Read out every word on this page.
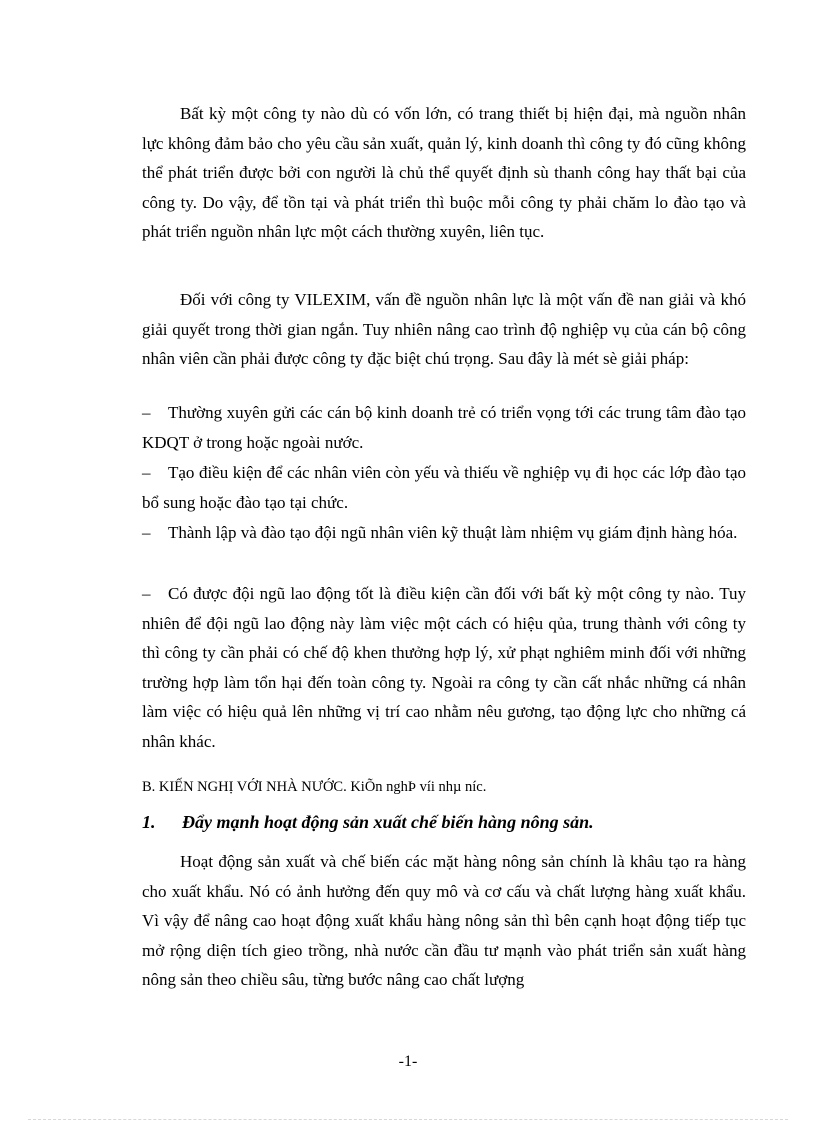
Bất kỳ một công ty nào dù có vốn lớn, có trang thiết bị hiện đại, mà nguồn nhân lực không đảm bảo cho yêu cầu sản xuất, quản lý, kinh doanh thì công ty đó cũng không thể phát triển được bởi con người là chủ thể quyết định sù thanh công hay thất bại của công ty. Do vậy, để tồn tại và phát triển thì buộc mỗi công ty phải chăm lo đào tạo và phát triển nguồn nhân lực một cách thường xuyên, liên tục.

Đối với công ty VILEXIM, vấn đề nguồn nhân lực là một vấn đề nan giải và khó giải quyết trong thời gian ngắn. Tuy nhiên nâng cao trình độ nghiệp vụ của cán bộ công nhân viên cần phải được công ty đặc biệt chú trọng. Sau đây là mét sè giải pháp:

– Thường xuyên gửi các cán bộ kinh doanh trẻ có triển vọng tới các trung tâm đào tạo KDQT ở trong hoặc ngoài nước.

– Tạo điều kiện để các nhân viên còn yếu và thiếu về nghiệp vụ đi học các lớp đào tạo bổ sung hoặc đào tạo tại chức.

– Thành lập và đào tạo đội ngũ nhân viên kỹ thuật làm nhiệm vụ giám định hàng hóa.

– Có được đội ngũ lao động tốt là điều kiện cần đối với bất kỳ một công ty nào. Tuy nhiên để đội ngũ lao động này làm việc một cách có hiệu qủa, trung thành với công ty thì công ty cần phải có chế độ khen thưởng hợp lý, xử phạt nghiêm minh đối với những trường hợp làm tổn hại đến toàn công ty. Ngoài ra công ty cần cất nhắc những cá nhân làm việc có hiệu quả lên những vị trí cao nhằm nêu gương, tạo động lực cho những cá nhân khác.

B. KIẾN NGHỊ VỚI NHÀ NƯỚC. KiÕn nghÞ víi nhµ níc.

1. Đẩy mạnh hoạt động sản xuất chế biến hàng nông sản.

Hoạt động sản xuất và chế biến các mặt hàng nông sản chính là khâu tạo ra hàng cho xuất khẩu. Nó có ảnh hưởng đến quy mô và cơ cấu và chất lượng hàng xuất khẩu. Vì vậy để nâng cao hoạt động xuất khẩu hàng nông sản thì bên cạnh hoạt động tiếp tục mở rộng diện tích gieo trồng, nhà nước cần đầu tư mạnh vào phát triển sản xuất hàng nông sản theo chiều sâu, từng bước nâng cao chất lượng

-1-
